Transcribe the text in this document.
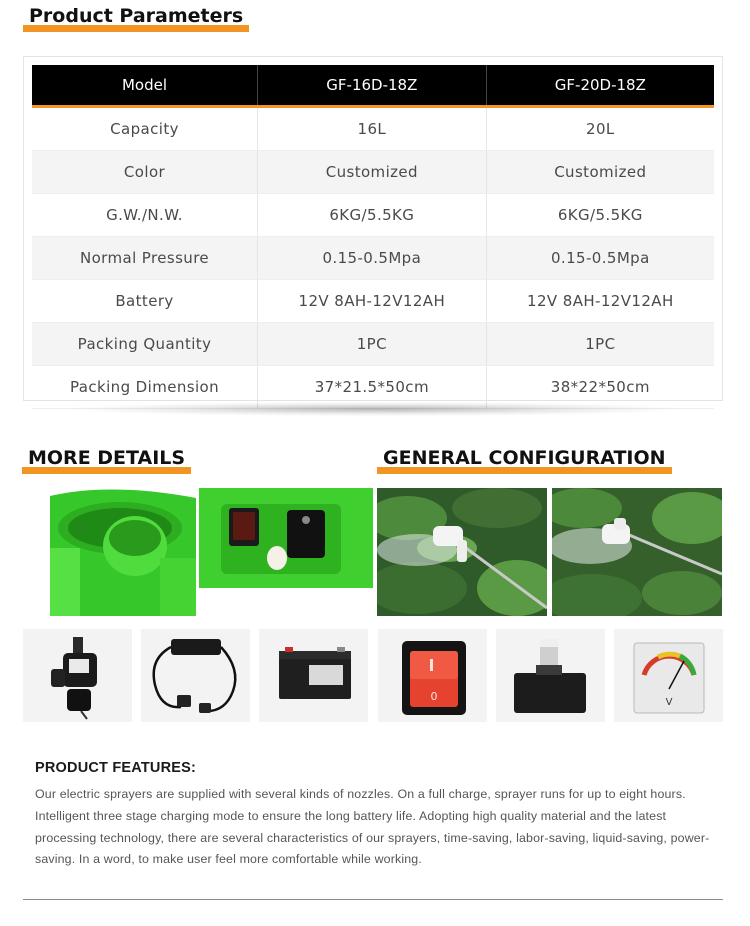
Product Parameters
Model	GF-16D-18Z	GF-20D-18Z
Capacity	16L	20L
Color	Customized	Customized
G.W./N.W.	6KG/5.5KG	6KG/5.5KG
Normal Pressure	0.15-0.5Mpa	0.15-0.5Mpa
Battery	12V 8AH-12V12AH	12V 8AH-12V12AH
Packing Quantity	1PC	1PC
Packing Dimension	37*21.5*50cm	38*22*50cm
MORE DETAILS	GENERAL CONFIGURATION
0	V
PRODUCT FEATURES:
Our electric sprayers are supplied with several kinds of nozzles. On a full charge, sprayer runs for up to eight hours. Intelligent three stage charging mode to ensure the long battery life. Adopting high quality material and the latest processing technology, there are several characteristics of our sprayers, time-saving, labor-saving, liquid-saving, power-saving. In a word, to make user feel more comfortable while working.
